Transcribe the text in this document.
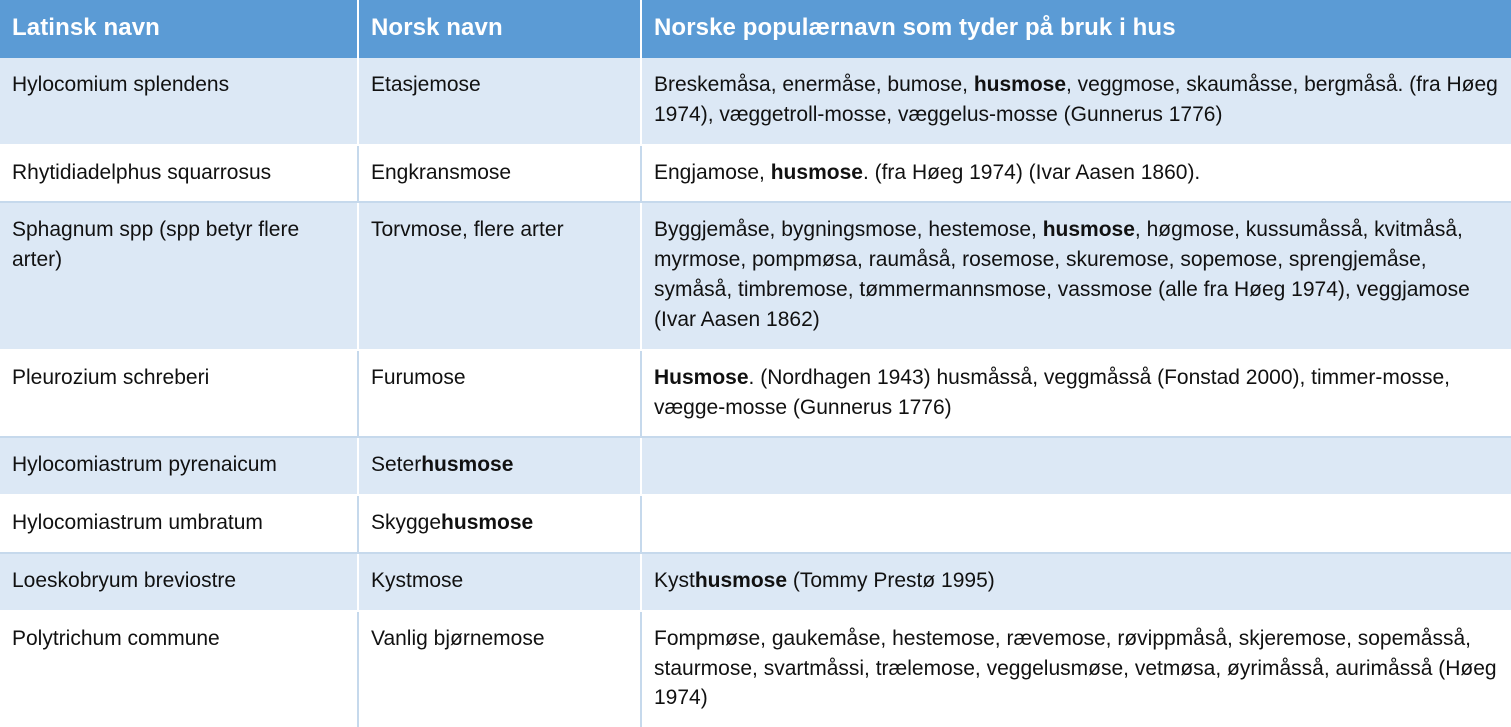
Latinsk navn	Norsk navn	Norske populærnavn som tyder på bruk i hus
Hylocomium splendens	Etasjemose	Breskemåsa, enermåse, bumose, husmose, veggmose, skaumåsse, bergmåså. (fra Høeg 1974), væggetroll-mosse, væggelus-mosse (Gunnerus 1776)
Rhytidiadelphus squarrosus	Engkransmose	Engjamose, husmose. (fra Høeg 1974) (Ivar Aasen 1860).
Sphagnum spp (spp betyr flere arter)	Torvmose, flere arter	Byggjemåse, bygningsmose, hestemose, husmose, høgmose, kussumåsså, kvitmåså, myrmose, pompmøsa, raumåså, rosemose, skuremose, sopemose, sprengjemåse, symåså, timbremose, tømmermannsmose, vassmose (alle fra Høeg 1974), veggjamose (Ivar Aasen 1862)
Pleurozium schreberi	Furumose	Husmose. (Nordhagen 1943) husmåsså, veggmåsså (Fonstad 2000), timmer-mosse, vægge-mosse (Gunnerus 1776)
Hylocomiastrum pyrenaicum	Seterhusmose	
Hylocomiastrum umbratum	Skyggehusmose	
Loeskobryum breviostre	Kystmose	Kysthusmose (Tommy Prestø 1995)
Polytrichum commune	Vanlig bjørnemose	Fompmøse, gaukemåse, hestemose, rævemose, røvippmåså, skjeremose, sopemåsså, staurmose, svartmåssi, trælemose, veggelusmøse, vetmøsa, øyrimåsså, aurimåsså (Høeg 1974)
